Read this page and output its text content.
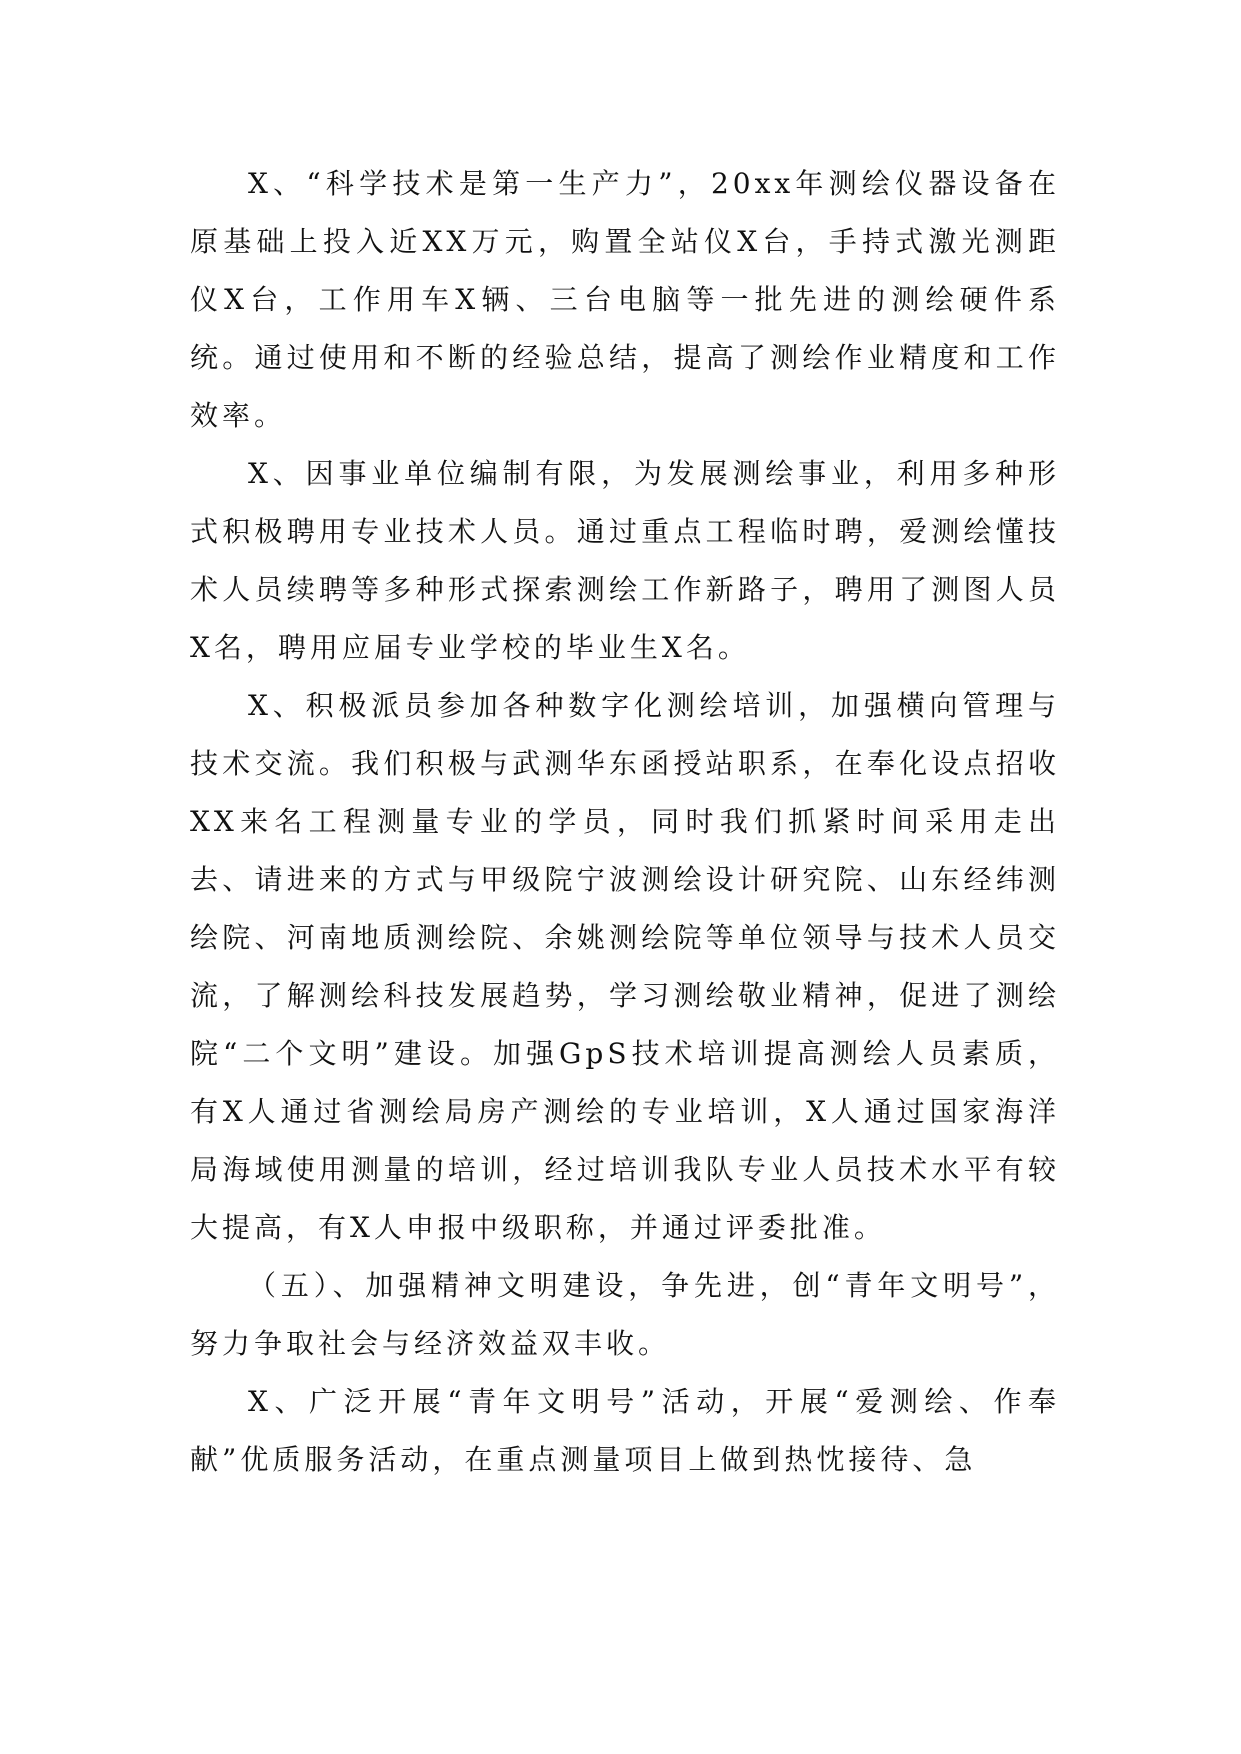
X、“科学技术是第一生产力”，20xx年测绘仪器设备在原基础上投入近XX万元，购置全站仪X台，手持式激光测距仪X台，工作用车X辆、三台电脑等一批先进的测绘硬件系统。通过使用和不断的经验总结，提高了测绘作业精度和工作效率。

X、因事业单位编制有限，为发展测绘事业，利用多种形式积极聘用专业技术人员。通过重点工程临时聘，爱测绘懂技术人员续聘等多种形式探索测绘工作新路子，聘用了测图人员X名，聘用应届专业学校的毕业生X名。

X、积极派员参加各种数字化测绘培训，加强横向管理与技术交流。我们积极与武测华东函授站职系，在奉化设点招收XX来名工程测量专业的学员，同时我们抓紧时间采用走出去、请进来的方式与甲级院宁波测绘设计研究院、山东经纬测绘院、河南地质测绘院、余姚测绘院等单位领导与技术人员交流，了解测绘科技发展趋势，学习测绘敬业精神，促进了测绘院“二个文明”建设。加强GpS技术培训提高测绘人员素质，有X人通过省测绘局房产测绘的专业培训，X人通过国家海洋局海域使用测量的培训，经过培训我队专业人员技术水平有较大提高，有X人申报中级职称，并通过评委批准。

（五）、加强精神文明建设，争先进，创“青年文明号”，努力争取社会与经济效益双丰收。

X、广泛开展“青年文明号”活动，开展“爱测绘、作奉献”优质服务活动，在重点测量项目上做到热忱接待、急
